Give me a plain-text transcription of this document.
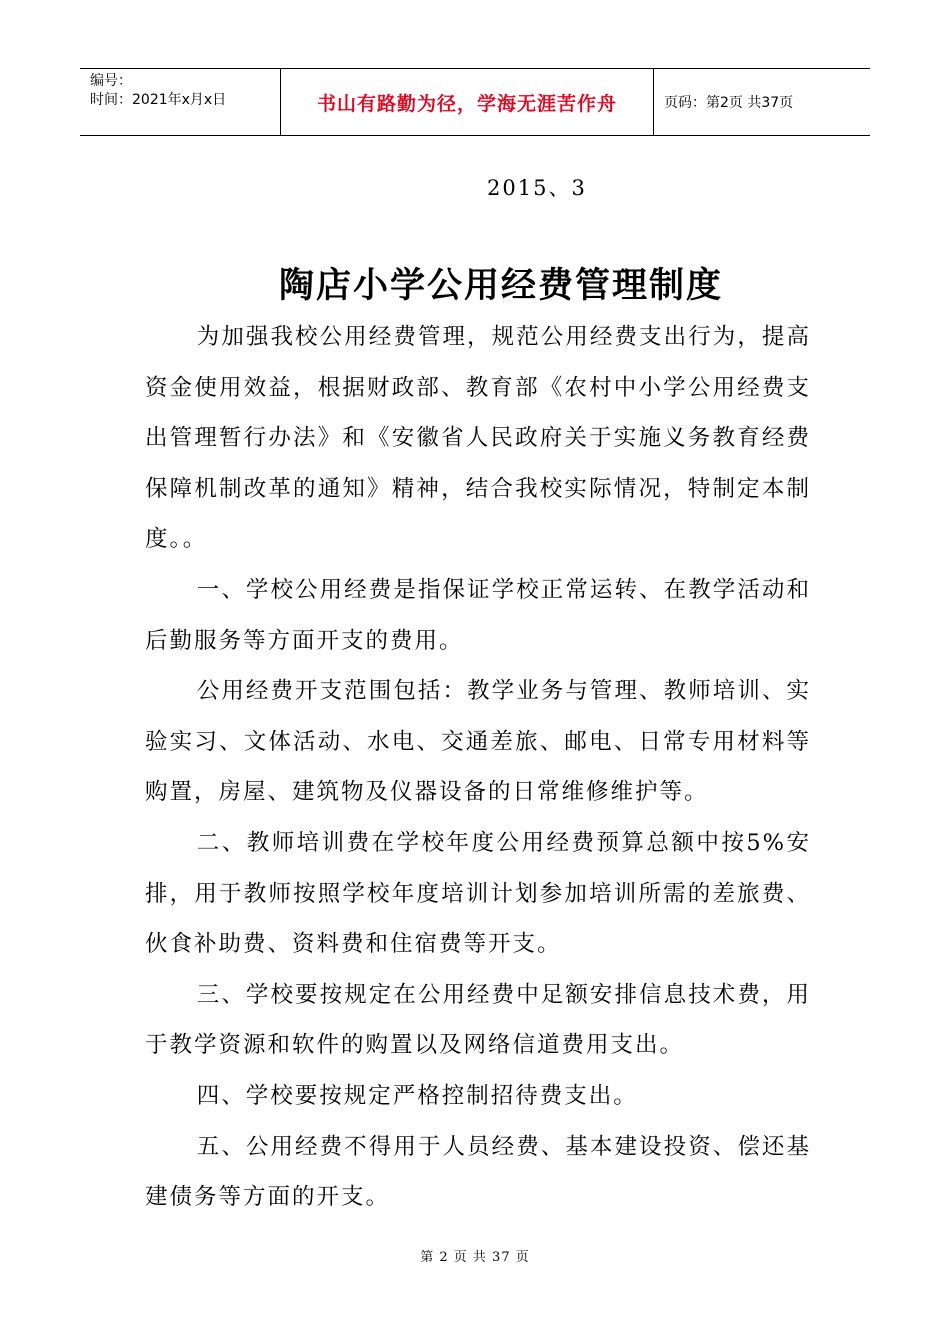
编号：
时间：2021年x月x日	书山有路勤为径，学海无涯苦作舟	页码：第2页 共37页
2015、3
陶店小学公用经费管理制度

为加强我校公用经费管理，规范公用经费支出行为，提高资金使用效益，根据财政部、教育部《农村中小学公用经费支出管理暂行办法》和《安徽省人民政府关于实施义务教育经费保障机制改革的通知》精神，结合我校实际情况，特制定本制度。。

一、学校公用经费是指保证学校正常运转、在教学活动和后勤服务等方面开支的费用。

公用经费开支范围包括：教学业务与管理、教师培训、实验实习、文体活动、水电、交通差旅、邮电、日常专用材料等购置，房屋、建筑物及仪器设备的日常维修维护等。

二、教师培训费在学校年度公用经费预算总额中按5%安排，用于教师按照学校年度培训计划参加培训所需的差旅费、伙食补助费、资料费和住宿费等开支。

三、学校要按规定在公用经费中足额安排信息技术费，用于教学资源和软件的购置以及网络信道费用支出。

四、学校要按规定严格控制招待费支出。

五、公用经费不得用于人员经费、基本建设投资、偿还基建债务等方面的开支。

第 2 页 共 37 页
